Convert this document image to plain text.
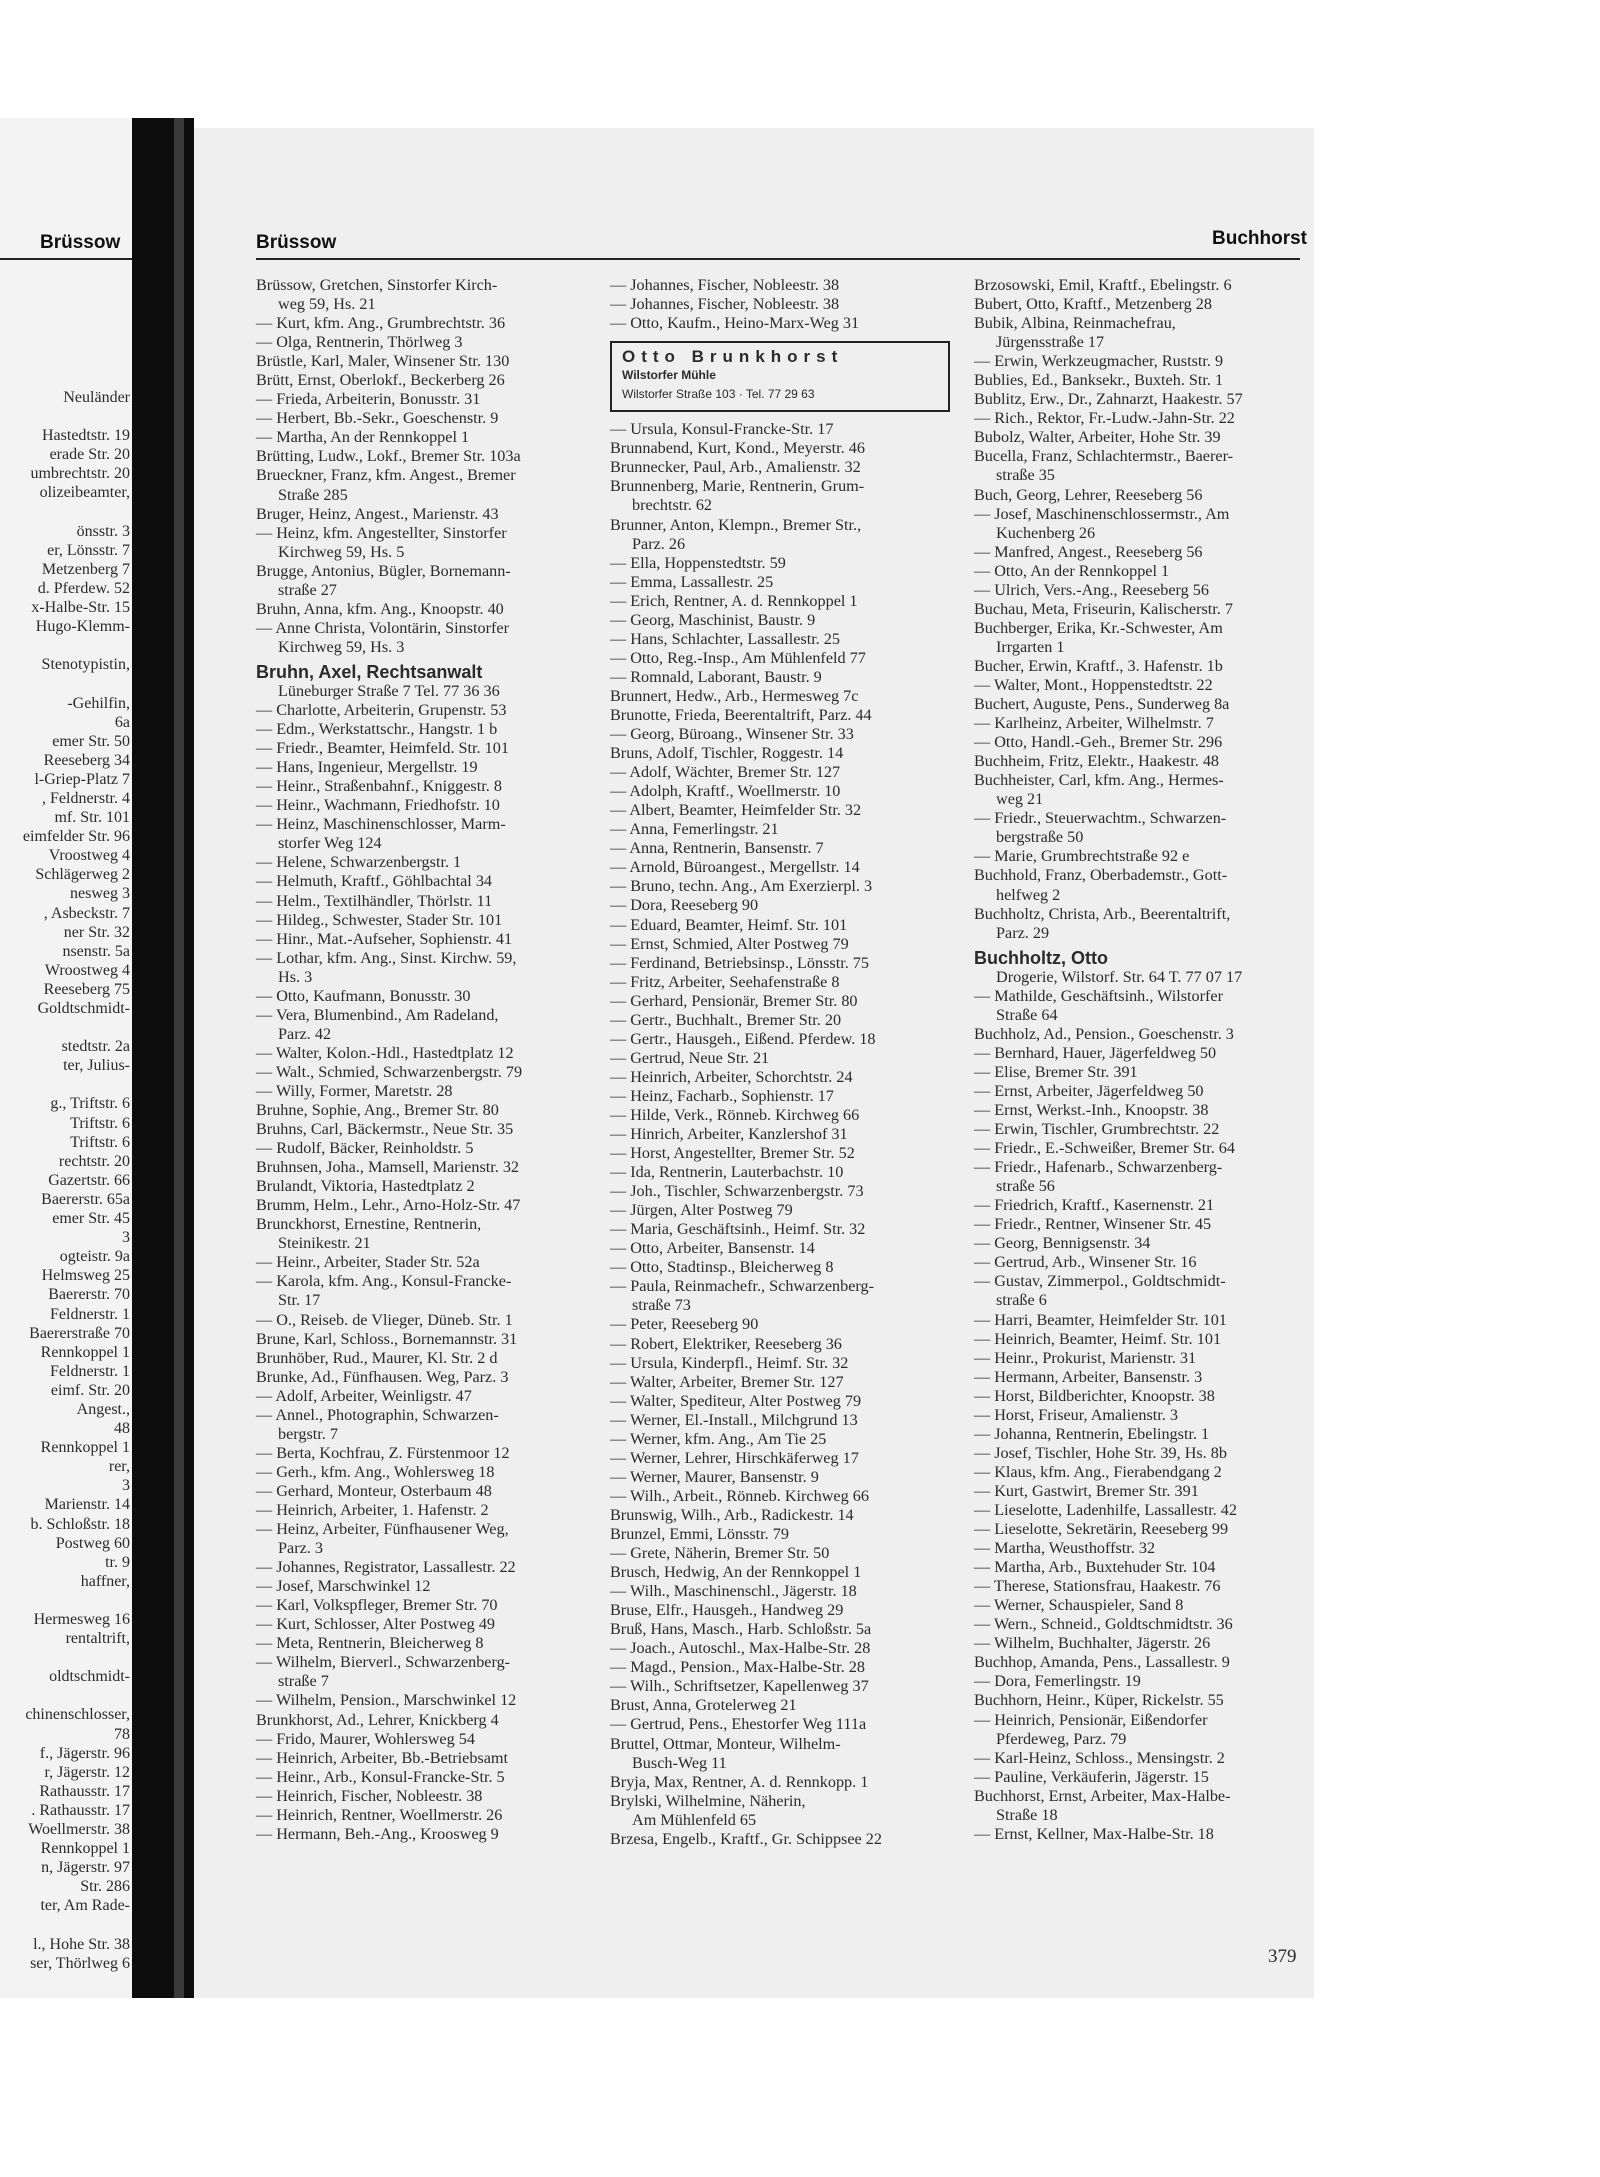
Brüssow
Neuländer

Hastedtstr. 19
erade Str. 20
umbrechtstr. 20
olizeibeamter,

önsstr. 3
er, Lönsstr. 7
Metzenberg 7
d. Pferdew. 52
x-Halbe-Str. 15
Hugo-Klemm-

Stenotypistin,

-Gehilfin,
6a
emer Str. 50
Reeseberg 34
l-Griep-Platz 7
, Feldnerstr. 4
mf. Str. 101
eimfelder Str. 96
Vroostweg 4
Schlägerweg 2
nesweg 3
, Asbeckstr. 7
ner Str. 32
nsenstr. 5a
Wroostweg 4
Reeseberg 75
Goldtschmidt-

stedtstr. 2a
ter, Julius-

g., Triftstr. 6
Triftstr. 6
Triftstr. 6
rechtstr. 20
Gazertstr. 66
Baererstr. 65a
emer Str. 45
3
ogteistr. 9a
Helmsweg 25
Baererstr. 70
Feldnerstr. 1
Baererstraße 70
Rennkoppel 1
Feldnerstr. 1
eimf. Str. 20
Angest.,
48
Rennkoppel 1
rer,
3
Marienstr. 14
b. Schloßstr. 18
Postweg 60
tr. 9
haffner,

Hermesweg 16
rentaltrift,

oldtschmidt-

chinenschlosser,
78
f., Jägerstr. 96
r, Jägerstr. 12
Rathausstr. 17
. Rathausstr. 17
Woellmerstr. 38
Rennkoppel 1
n, Jägerstr. 97
Str. 286
ter, Am Rade-

l., Hohe Str. 38
ser, Thörlweg 6
Brüssow	Buchhorst
Brüssow, Gretchen, Sinstorfer Kirch-
weg 59, Hs. 21
— Kurt, kfm. Ang., Grumbrechtstr. 36
— Olga, Rentnerin, Thörlweg 3
Brüstle, Karl, Maler, Winsener Str. 130
Brütt, Ernst, Oberlokf., Beckerberg 26
— Frieda, Arbeiterin, Bonusstr. 31
— Herbert, Bb.-Sekr., Goeschenstr. 9
— Martha, An der Rennkoppel 1
Brütting, Ludw., Lokf., Bremer Str. 103a
Brueckner, Franz, kfm. Angest., Bremer
Straße 285
Bruger, Heinz, Angest., Marienstr. 43
— Heinz, kfm. Angestellter, Sinstorfer
Kirchweg 59, Hs. 5
Brugge, Antonius, Bügler, Bornemann-
straße 27
Bruhn, Anna, kfm. Ang., Knoopstr. 40
— Anne Christa, Volontärin, Sinstorfer
Kirchweg 59, Hs. 3
Bruhn, Axel, Rechtsanwalt
Lüneburger Straße 7 Tel. 77 36 36
— Charlotte, Arbeiterin, Grupenstr. 53
— Edm., Werkstattschr., Hangstr. 1 b
— Friedr., Beamter, Heimfeld. Str. 101
— Hans, Ingenieur, Mergellstr. 19
— Heinr., Straßenbahnf., Kniggestr. 8
— Heinr., Wachmann, Friedhofstr. 10
— Heinz, Maschinenschlosser, Marm-
storfer Weg 124
— Helene, Schwarzenbergstr. 1
— Helmuth, Kraftf., Göhlbachtal 34
— Helm., Textilhändler, Thörlstr. 11
— Hildeg., Schwester, Stader Str. 101
— Hinr., Mat.-Aufseher, Sophienstr. 41
— Lothar, kfm. Ang., Sinst. Kirchw. 59,
Hs. 3
— Otto, Kaufmann, Bonusstr. 30
— Vera, Blumenbind., Am Radeland,
Parz. 42
— Walter, Kolon.-Hdl., Hastedtplatz 12
— Walt., Schmied, Schwarzenbergstr. 79
— Willy, Former, Maretstr. 28
Bruhne, Sophie, Ang., Bremer Str. 80
Bruhns, Carl, Bäckermstr., Neue Str. 35
— Rudolf, Bäcker, Reinholdstr. 5
Bruhnsen, Joha., Mamsell, Marienstr. 32
Brulandt, Viktoria, Hastedtplatz 2
Brumm, Helm., Lehr., Arno-Holz-Str. 47
Brunckhorst, Ernestine, Rentnerin,
Steinikestr. 21
— Heinr., Arbeiter, Stader Str. 52a
— Karola, kfm. Ang., Konsul-Francke-
Str. 17
— O., Reiseb. de Vlieger, Düneb. Str. 1
Brune, Karl, Schloss., Bornemannstr. 31
Brunhöber, Rud., Maurer, Kl. Str. 2 d
Brunke, Ad., Fünfhausen. Weg, Parz. 3
— Adolf, Arbeiter, Weinligstr. 47
— Annel., Photographin, Schwarzen-
bergstr. 7
— Berta, Kochfrau, Z. Fürstenmoor 12
— Gerh., kfm. Ang., Wohlersweg 18
— Gerhard, Monteur, Osterbaum 48
— Heinrich, Arbeiter, 1. Hafenstr. 2
— Heinz, Arbeiter, Fünfhausener Weg,
Parz. 3
— Johannes, Registrator, Lassallestr. 22
— Josef, Marschwinkel 12
— Karl, Volkspfleger, Bremer Str. 70
— Kurt, Schlosser, Alter Postweg 49
— Meta, Rentnerin, Bleicherweg 8
— Wilhelm, Bierverl., Schwarzenberg-
straße 7
— Wilhelm, Pension., Marschwinkel 12
Brunkhorst, Ad., Lehrer, Knickberg 4
— Frido, Maurer, Wohlersweg 54
— Heinrich, Arbeiter, Bb.-Betriebsamt
— Heinr., Arb., Konsul-Francke-Str. 5
— Heinrich, Fischer, Nobleestr. 38
— Heinrich, Rentner, Woellmerstr. 26
— Hermann, Beh.-Ang., Kroosweg 9
— Johannes, Fischer, Nobleestr. 38
— Johannes, Fischer, Nobleestr. 38
— Otto, Kaufm., Heino-Marx-Weg 31
Otto Brunkhorst
Wilstorfer Mühle
Wilstorfer Straße 103 · Tel. 77 29 63
— Ursula, Konsul-Francke-Str. 17
Brunnabend, Kurt, Kond., Meyerstr. 46
Brunnecker, Paul, Arb., Amalienstr. 32
Brunnenberg, Marie, Rentnerin, Grum-
brechtstr. 62
Brunner, Anton, Klempn., Bremer Str.,
Parz. 26
— Ella, Hoppenstedtstr. 59
— Emma, Lassallestr. 25
— Erich, Rentner, A. d. Rennkoppel 1
— Georg, Maschinist, Baustr. 9
— Hans, Schlachter, Lassallestr. 25
— Otto, Reg.-Insp., Am Mühlenfeld 77
— Romnald, Laborant, Baustr. 9
Brunnert, Hedw., Arb., Hermesweg 7c
Brunotte, Frieda, Beerentaltrift, Parz. 44
— Georg, Büroang., Winsener Str. 33
Bruns, Adolf, Tischler, Roggestr. 14
— Adolf, Wächter, Bremer Str. 127
— Adolph, Kraftf., Woellmerstr. 10
— Albert, Beamter, Heimfelder Str. 32
— Anna, Femerlingstr. 21
— Anna, Rentnerin, Bansenstr. 7
— Arnold, Büroangest., Mergellstr. 14
— Bruno, techn. Ang., Am Exerzierpl. 3
— Dora, Reeseberg 90
— Eduard, Beamter, Heimf. Str. 101
— Ernst, Schmied, Alter Postweg 79
— Ferdinand, Betriebsinsp., Lönsstr. 75
— Fritz, Arbeiter, Seehafenstraße 8
— Gerhard, Pensionär, Bremer Str. 80
— Gertr., Buchhalt., Bremer Str. 20
— Gertr., Hausgeh., Eißend. Pferdew. 18
— Gertrud, Neue Str. 21
— Heinrich, Arbeiter, Schorchtstr. 24
— Heinz, Facharb., Sophienstr. 17
— Hilde, Verk., Rönneb. Kirchweg 66
— Hinrich, Arbeiter, Kanzlershof 31
— Horst, Angestellter, Bremer Str. 52
— Ida, Rentnerin, Lauterbachstr. 10
— Joh., Tischler, Schwarzenbergstr. 73
— Jürgen, Alter Postweg 79
— Maria, Geschäftsinh., Heimf. Str. 32
— Otto, Arbeiter, Bansenstr. 14
— Otto, Stadtinsp., Bleicherweg 8
— Paula, Reinmachefr., Schwarzenberg-
straße 73
— Peter, Reeseberg 90
— Robert, Elektriker, Reeseberg 36
— Ursula, Kinderpfl., Heimf. Str. 32
— Walter, Arbeiter, Bremer Str. 127
— Walter, Spediteur, Alter Postweg 79
— Werner, El.-Install., Milchgrund 13
— Werner, kfm. Ang., Am Tie 25
— Werner, Lehrer, Hirschkäferweg 17
— Werner, Maurer, Bansenstr. 9
— Wilh., Arbeit., Rönneb. Kirchweg 66
Brunswig, Wilh., Arb., Radickestr. 14
Brunzel, Emmi, Lönsstr. 79
— Grete, Näherin, Bremer Str. 50
Brusch, Hedwig, An der Rennkoppel 1
— Wilh., Maschinenschl., Jägerstr. 18
Bruse, Elfr., Hausgeh., Handweg 29
Bruß, Hans, Masch., Harb. Schloßstr. 5a
— Joach., Autoschl., Max-Halbe-Str. 28
— Magd., Pension., Max-Halbe-Str. 28
— Wilh., Schriftsetzer, Kapellenweg 37
Brust, Anna, Grotelerweg 21
— Gertrud, Pens., Ehestorfer Weg 111a
Bruttel, Ottmar, Monteur, Wilhelm-
Busch-Weg 11
Bryja, Max, Rentner, A. d. Rennkopp. 1
Brylski, Wilhelmine, Näherin,
Am Mühlenfeld 65
Brzesa, Engelb., Kraftf., Gr. Schippsee 22
Brzosowski, Emil, Kraftf., Ebelingstr. 6
Bubert, Otto, Kraftf., Metzenberg 28
Bubik, Albina, Reinmachefrau,
Jürgensstraße 17
— Erwin, Werkzeugmacher, Ruststr. 9
Bublies, Ed., Banksekr., Buxteh. Str. 1
Bublitz, Erw., Dr., Zahnarzt, Haakestr. 57
— Rich., Rektor, Fr.-Ludw.-Jahn-Str. 22
Bubolz, Walter, Arbeiter, Hohe Str. 39
Bucella, Franz, Schlachtermstr., Baerer-
straße 35
Buch, Georg, Lehrer, Reeseberg 56
— Josef, Maschinenschlossermstr., Am
Kuchenberg 26
— Manfred, Angest., Reeseberg 56
— Otto, An der Rennkoppel 1
— Ulrich, Vers.-Ang., Reeseberg 56
Buchau, Meta, Friseurin, Kalischerstr. 7
Buchberger, Erika, Kr.-Schwester, Am
Irrgarten 1
Bucher, Erwin, Kraftf., 3. Hafenstr. 1b
— Walter, Mont., Hoppenstedtstr. 22
Buchert, Auguste, Pens., Sunderweg 8a
— Karlheinz, Arbeiter, Wilhelmstr. 7
— Otto, Handl.-Geh., Bremer Str. 296
Buchheim, Fritz, Elektr., Haakestr. 48
Buchheister, Carl, kfm. Ang., Hermes-
weg 21
— Friedr., Steuerwachtm., Schwarzen-
bergstraße 50
— Marie, Grumbrechtstraße 92 e
Buchhold, Franz, Oberbademstr., Gott-
helfweg 2
Buchholtz, Christa, Arb., Beerentaltrift,
Parz. 29
Buchholtz, Otto
Drogerie, Wilstorf. Str. 64 T. 77 07 17
— Mathilde, Geschäftsinh., Wilstorfer
Straße 64
Buchholz, Ad., Pension., Goeschenstr. 3
— Bernhard, Hauer, Jägerfeldweg 50
— Elise, Bremer Str. 391
— Ernst, Arbeiter, Jägerfeldweg 50
— Ernst, Werkst.-Inh., Knoopstr. 38
— Erwin, Tischler, Grumbrechtstr. 22
— Friedr., E.-Schweißer, Bremer Str. 64
— Friedr., Hafenarb., Schwarzenberg-
straße 56
— Friedrich, Kraftf., Kasernenstr. 21
— Friedr., Rentner, Winsener Str. 45
— Georg, Bennigsenstr. 34
— Gertrud, Arb., Winsener Str. 16
— Gustav, Zimmerpol., Goldtschmidt-
straße 6
— Harri, Beamter, Heimfelder Str. 101
— Heinrich, Beamter, Heimf. Str. 101
— Heinr., Prokurist, Marienstr. 31
— Hermann, Arbeiter, Bansenstr. 3
— Horst, Bildberichter, Knoopstr. 38
— Horst, Friseur, Amalienstr. 3
— Johanna, Rentnerin, Ebelingstr. 1
— Josef, Tischler, Hohe Str. 39, Hs. 8b
— Klaus, kfm. Ang., Fierabendgang 2
— Kurt, Gastwirt, Bremer Str. 391
— Lieselotte, Ladenhilfe, Lassallestr. 42
— Lieselotte, Sekretärin, Reeseberg 99
— Martha, Weusthoffstr. 32
— Martha, Arb., Buxtehuder Str. 104
— Therese, Stationsfrau, Haakestr. 76
— Werner, Schauspieler, Sand 8
— Wern., Schneid., Goldtschmidtstr. 36
— Wilhelm, Buchhalter, Jägerstr. 26
Buchhop, Amanda, Pens., Lassallestr. 9
— Dora, Femerlingstr. 19
Buchhorn, Heinr., Küper, Rickelstr. 55
— Heinrich, Pensionär, Eißendorfer
Pferdeweg, Parz. 79
— Karl-Heinz, Schloss., Mensingstr. 2
— Pauline, Verkäuferin, Jägerstr. 15
Buchhorst, Ernst, Arbeiter, Max-Halbe-
Straße 18
— Ernst, Kellner, Max-Halbe-Str. 18
379
